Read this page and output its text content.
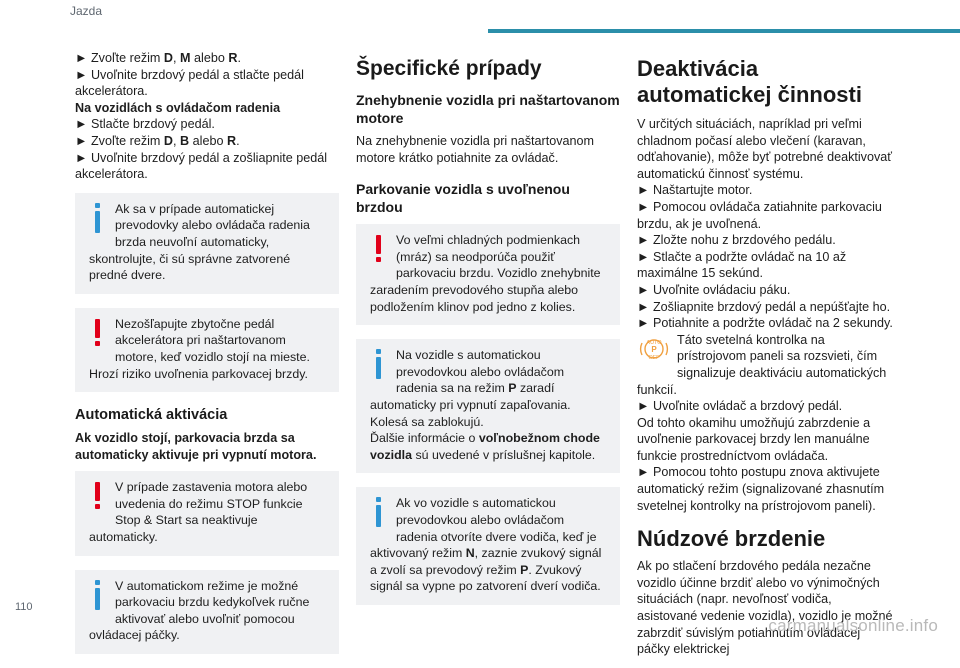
Jazda

► Zvoľte režim D, M alebo R.

► Uvoľnite brzdový pedál a stlačte pedál akcelerátora.

Na vozidlách s ovládačom radenia

► Stlačte brzdový pedál.

► Zvoľte režim D, B alebo R.

► Uvoľnite brzdový pedál a zošliapnite pedál akcelerátora.

Ak sa v prípade automatickej prevodovky alebo ovládača radenia brzda neuvoľní automaticky, skontrolujte, či sú správne zatvorené predné dvere.

Nezošľapujte zbytočne pedál akcelerátora pri naštartovanom motore, keď vozidlo stojí na mieste. Hrozí riziko uvoľnenia parkovacej brzdy.

Automatická aktivácia

Ak vozidlo stojí, parkovacia brzda sa automaticky aktivuje pri vypnutí motora.

V prípade zastavenia motora alebo uvedenia do režimu STOP funkcie Stop & Start sa neaktivuje automaticky.

V automatickom režime je možné parkovaciu brzdu kedykoľvek ručne aktivovať alebo uvoľniť pomocou ovládacej páčky.

Špecifické prípady
Znehybnenie vozidla pri naštartovanom motore

Na znehybnenie vozidla pri naštartovanom motore krátko potiahnite za ovládač.

Parkovanie vozidla s uvoľnenou brzdou

Vo veľmi chladných podmienkach (mráz) sa neodporúča použiť parkovaciu brzdu. Vozidlo znehybnite zaradením prevodového stupňa alebo podložením klinov pod jedno z kolies.

Na vozidle s automatickou prevodovkou alebo ovládačom radenia sa na režim P zaradí automaticky pri vypnutí zapaľovania. Kolesá sa zablokujú.

Ďalšie informácie o voľnobežnom chode vozidla sú uvedené v príslušnej kapitole.

Ak vo vozidle s automatickou prevodovkou alebo ovládačom radenia otvoríte dvere vodiča, keď je aktivovaný režim N, zaznie zvukový signál a zvolí sa prevodový režim P. Zvukový signál sa vypne po zatvorení dverí vodiča.

Deaktivácia automatickej činnosti

V určitých situáciách, napríklad pri veľmi chladnom počasí alebo vlečení (karavan, odťahovanie), môže byť potrebné deaktivovať automatickú činnosť systému.

► Naštartujte motor.

► Pomocou ovládača zatiahnite parkovaciu brzdu, ak je uvoľnená.

► Zložte nohu z brzdového pedálu.

► Stlačte a podržte ovládač na 10 až maximálne 15 sekúnd.

► Uvoľnite ovládaciu páku.

► Zošliapnite brzdový pedál a nepúšťajte ho.

► Potiahnite a podržte ovládač na 2 sekundy.

AUTO
P
OFF

Táto svetelná kontrolka na prístrojovom paneli sa rozsvieti, čím signalizuje deaktiváciu automatických funkcií.

► Uvoľnite ovládač a brzdový pedál.

Od tohto okamihu umožňujú zabrzdenie a uvoľnenie parkovacej brzdy len manuálne funkcie prostredníctvom ovládača.

► Pomocou tohto postupu znova aktivujete automatický režim (signalizované zhasnutím svetelnej kontrolky na prístrojovom paneli).

Núdzové brzdenie

Ak po stlačení brzdového pedála nezačne vozidlo účinne brzdiť alebo vo výnimočných situáciách (napr. nevoľnosť vodiča, asistované vedenie vozidla), vozidlo je možné zabrzdiť súvislým potiahnutím ovládacej páčky elektrickej

110
carmanualsonline.info
